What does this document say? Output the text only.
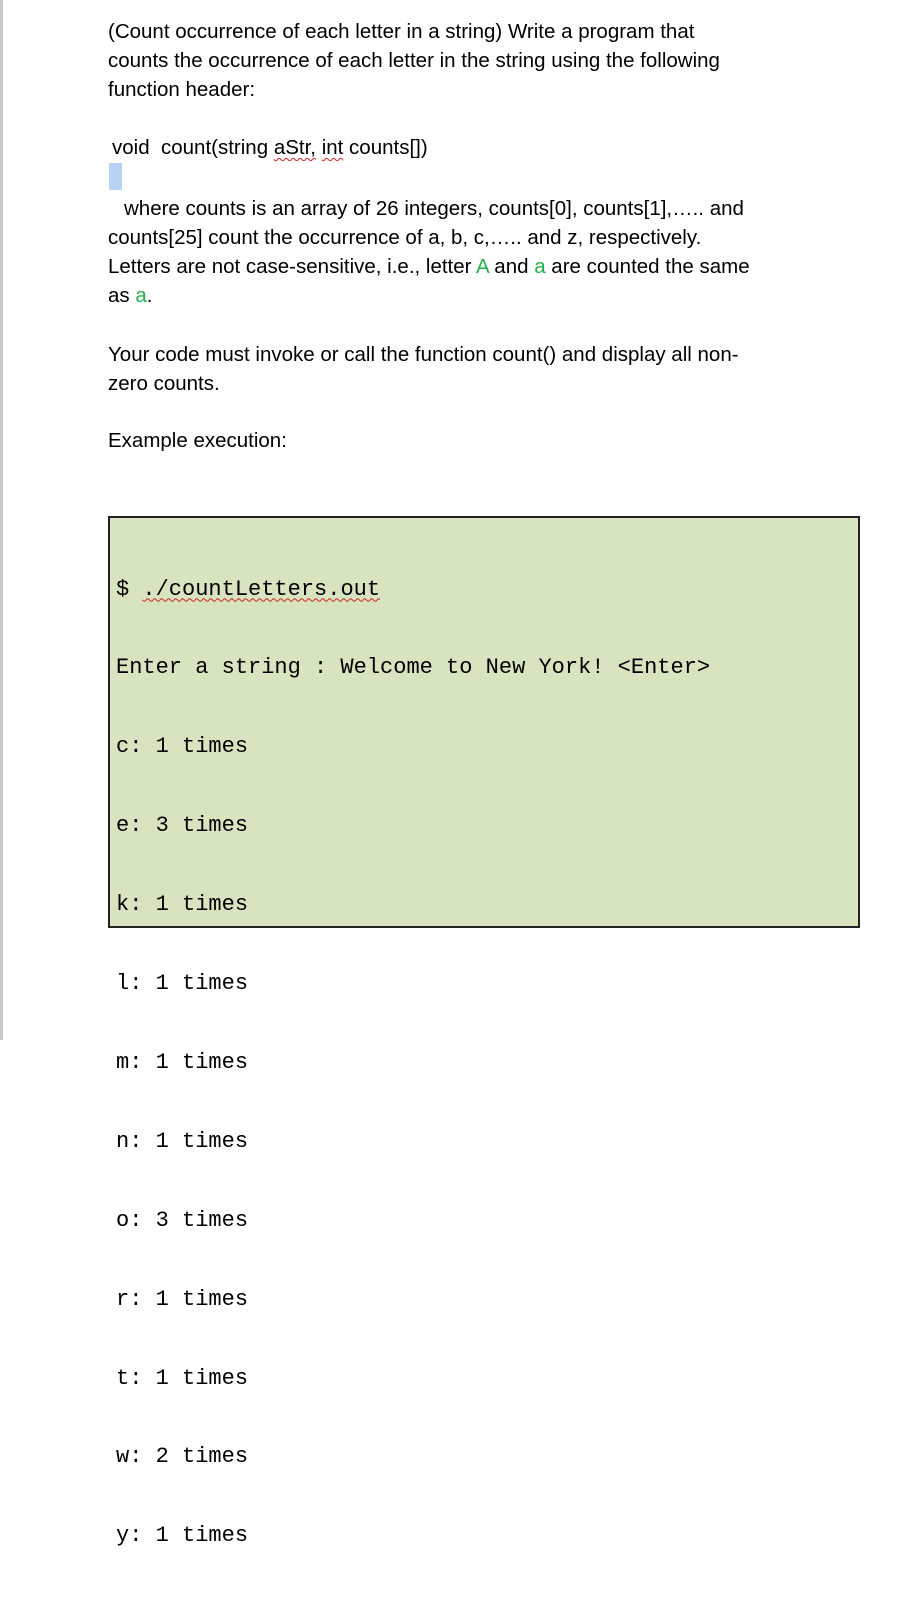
(Count occurrence of each letter in a string) Write a program that
counts the occurrence of each letter in the string using the following
function header:
void  count(string aStr, int counts[])
where counts is an array of 26 integers, counts[0], counts[1],….. and
counts[25] count the occurrence of a, b, c,….. and z, respectively.
Letters are not case-sensitive, i.e., letter A and a are counted the same
as a.
Your code must invoke or call the function count() and display all non-
zero counts.
Example execution:

$ ./countLetters.out

Enter a string : Welcome to New York! <Enter>

c: 1 times

e: 3 times

k: 1 times

l: 1 times

m: 1 times

n: 1 times

o: 3 times

r: 1 times

t: 1 times

w: 2 times

y: 1 times
